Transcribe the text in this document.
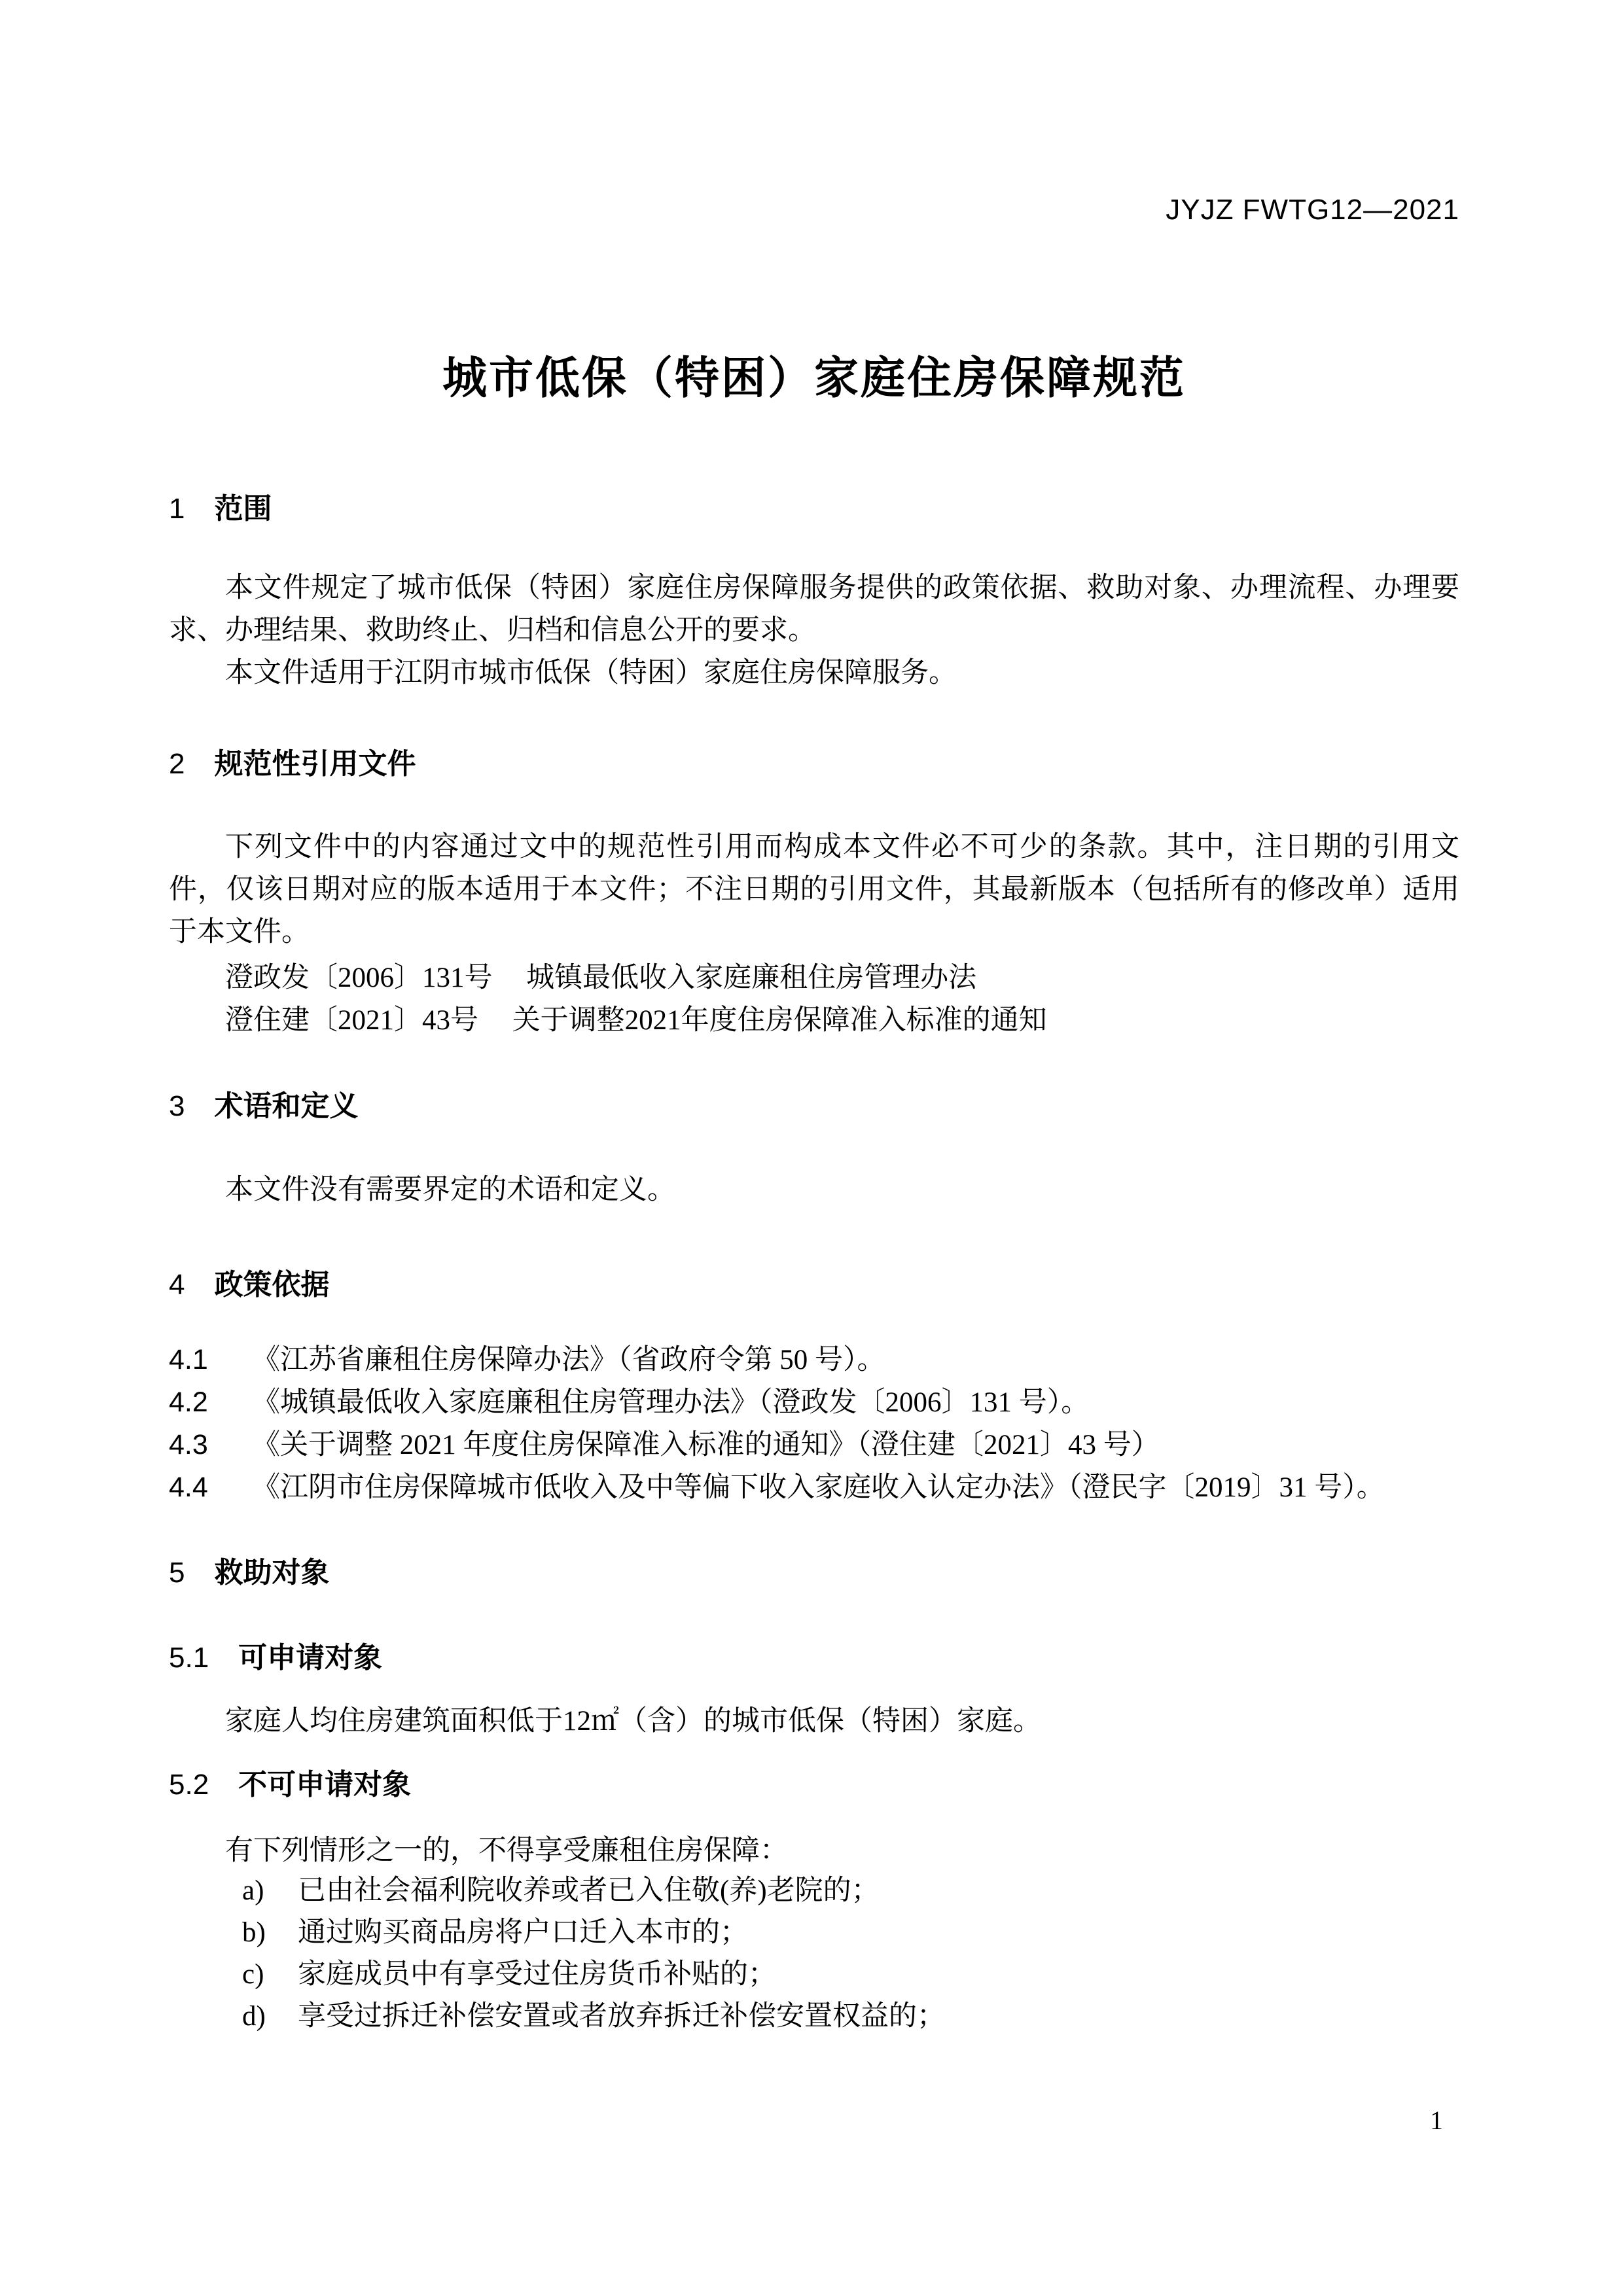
JYJZ FWTG12—2021
城市低保（特困）家庭住房保障规范
1 范围

本文件规定了城市低保（特困）家庭住房保障服务提供的政策依据、救助对象、办理流程、办理要求、办理结果、救助终止、归档和信息公开的要求。

本文件适用于江阴市城市低保（特困）家庭住房保障服务。

2 规范性引用文件

下列文件中的内容通过文中的规范性引用而构成本文件必不可少的条款。其中，注日期的引用文件，仅该日期对应的版本适用于本文件；不注日期的引用文件，其最新版本（包括所有的修改单）适用于本文件。

澄政发〔2006〕131号 城镇最低收入家庭廉租住房管理办法

澄住建〔2021〕43号 关于调整2021年度住房保障准入标准的通知

3 术语和定义

本文件没有需要界定的术语和定义。

4 政策依据

4.1 《江苏省廉租住房保障办法》（省政府令第 50 号）。

4.2 《城镇最低收入家庭廉租住房管理办法》（澄政发〔2006〕131 号）。

4.3 《关于调整 2021 年度住房保障准入标准的通知》（澄住建〔2021〕43 号）

4.4 《江阴市住房保障城市低收入及中等偏下收入家庭收入认定办法》（澄民字〔2019〕31 号）。

5 救助对象
5.1 可申请对象

家庭人均住房建筑面积低于12㎡（含）的城市低保（特困）家庭。

5.2 不可申请对象

有下列情形之一的，不得享受廉租住房保障：

a) 已由社会福利院收养或者已入住敬(养)老院的；

b) 通过购买商品房将户口迁入本市的；

c) 家庭成员中有享受过住房货币补贴的；

d) 享受过拆迁补偿安置或者放弃拆迁补偿安置权益的；

1
